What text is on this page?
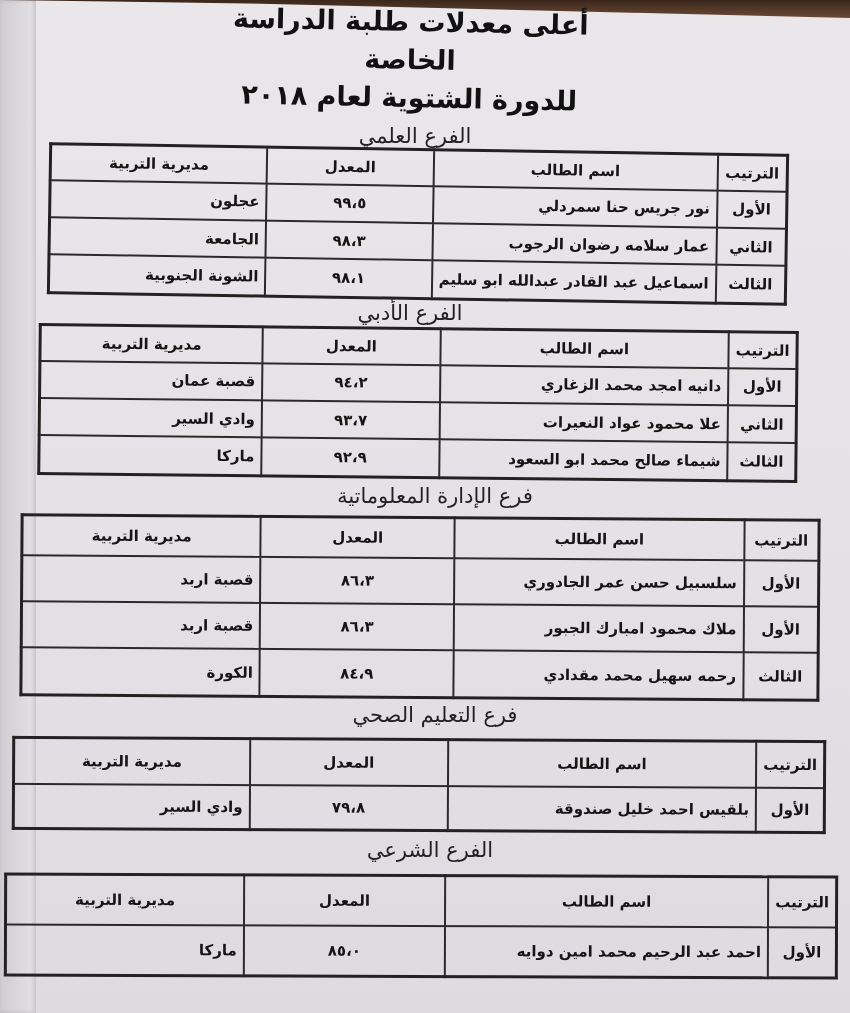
أعلى معدلات طلبة الدراسة الخاصة
للدورة الشتوية لعام ٢٠١٨
الفرع العلمي
الترتيب	اسم الطالب	المعدل	مديرية التربية
الأول	نور جريس حنا سمردلي	٩٩،٥	عجلون
الثاني	عمار سلامه رضوان الرجوب	٩٨،٣	الجامعة
الثالث	اسماعيل عبد القادر عبدالله ابو سليم	٩٨،١	الشونة الجنوبية
الفرع الأدبي
الترتيب	اسم الطالب	المعدل	مديرية التربية
الأول	دانيه امجد محمد الزغاري	٩٤،٢	قصبة عمان
الثاني	علا محمود عواد النعيرات	٩٣،٧	وادي السير
الثالث	شيماء صالح محمد ابو السعود	٩٢،٩	ماركا
فرع الإدارة المعلوماتية
الترتيب	اسم الطالب	المعدل	مديرية التربية
الأول	سلسبيل حسن عمر الجادوري	٨٦،٣	قصبة اربد
الأول	ملاك محمود امبارك الجبور	٨٦،٣	قصبة اربد
الثالث	رحمه سهيل محمد مقدادي	٨٤،٩	الكورة
فرع التعليم الصحي
الترتيب	اسم الطالب	المعدل	مديرية التربية
الأول	بلقيس احمد خليل صندوقة	٧٩،٨	وادي السير
الفرع الشرعي
الترتيب	اسم الطالب	المعدل	مديرية التربية
الأول	احمد عبد الرحيم محمد امين دوايه	٨٥،٠	ماركا
